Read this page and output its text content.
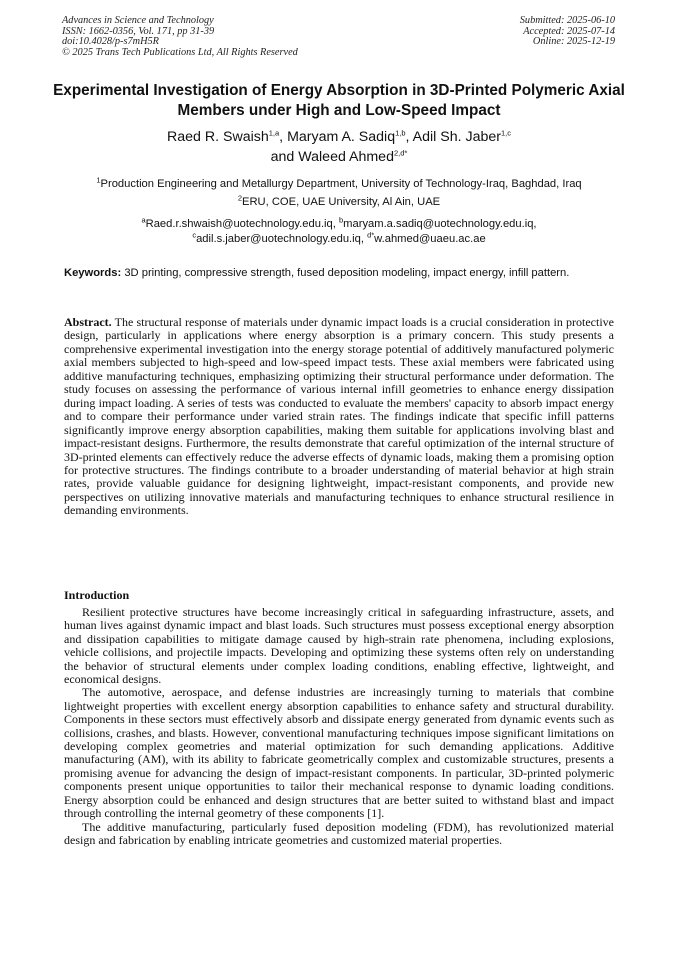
Advances in Science and Technology
ISSN: 1662-0356, Vol. 171, pp 31-39
doi:10.4028/p-s7mH5R
© 2025 Trans Tech Publications Ltd, All Rights Reserved
Submitted: 2025-06-10
Accepted: 2025-07-14
Online: 2025-12-19
Experimental Investigation of Energy Absorption in 3D-Printed Polymeric Axial Members under High and Low-Speed Impact
Raed R. Swaish$^{1,a}$, Maryam A. Sadiq$^{1,b}$, Adil Sh. Jaber$^{1,c}$
and Waleed Ahmed$^{2,d*}$
$^1$Production Engineering and Metallurgy Department, University of Technology-Iraq, Baghdad, Iraq
$^2$ERU, COE, UAE University, Al Ain, UAE
$^a$Raed.r.shwaish@uotechnology.edu.iq, $^b$maryam.a.sadiq@uotechnology.edu.iq,
$^c$adil.s.jaber@uotechnology.edu.iq, $^{d*}$w.ahmed@uaeu.ac.ae
Keywords: 3D printing, compressive strength, fused deposition modeling, impact energy, infill pattern.
Abstract. The structural response of materials under dynamic impact loads is a crucial consideration in protective design, particularly in applications where energy absorption is a primary concern. This study presents a comprehensive experimental investigation into the energy storage potential of additively manufactured polymeric axial members subjected to high-speed and low-speed impact tests. These axial members were fabricated using additive manufacturing techniques, emphasizing optimizing their structural performance under deformation. The study focuses on assessing the performance of various internal infill geometries to enhance energy dissipation during impact loading. A series of tests was conducted to evaluate the members' capacity to absorb impact energy and to compare their performance under varied strain rates. The findings indicate that specific infill patterns significantly improve energy absorption capabilities, making them suitable for applications involving blast and impact-resistant designs. Furthermore, the results demonstrate that careful optimization of the internal structure of 3D-printed elements can effectively reduce the adverse effects of dynamic loads, making them a promising option for protective structures. The findings contribute to a broader understanding of material behavior at high strain rates, provide valuable guidance for designing lightweight, impact-resistant components, and provide new perspectives on utilizing innovative materials and manufacturing techniques to enhance structural resilience in demanding environments.
Introduction

Resilient protective structures have become increasingly critical in safeguarding infrastructure, assets, and human lives against dynamic impact and blast loads. Such structures must possess exceptional energy absorption and dissipation capabilities to mitigate damage caused by high-strain rate phenomena, including explosions, vehicle collisions, and projectile impacts. Developing and optimizing these systems often rely on understanding the behavior of structural elements under complex loading conditions, enabling effective, lightweight, and economical designs.

The automotive, aerospace, and defense industries are increasingly turning to materials that combine lightweight properties with excellent energy absorption capabilities to enhance safety and structural durability. Components in these sectors must effectively absorb and dissipate energy generated from dynamic events such as collisions, crashes, and blasts. However, conventional manufacturing techniques impose significant limitations on developing complex geometries and material optimization for such demanding applications. Additive manufacturing (AM), with its ability to fabricate geometrically complex and customizable structures, presents a promising avenue for advancing the design of impact-resistant components. In particular, 3D-printed polymeric components present unique opportunities to tailor their mechanical response to dynamic loading conditions. Energy absorption could be enhanced and design structures that are better suited to withstand blast and impact through controlling the internal geometry of these components [1].

The additive manufacturing, particularly fused deposition modeling (FDM), has revolutionized material design and fabrication by enabling intricate geometries and customized material properties.
